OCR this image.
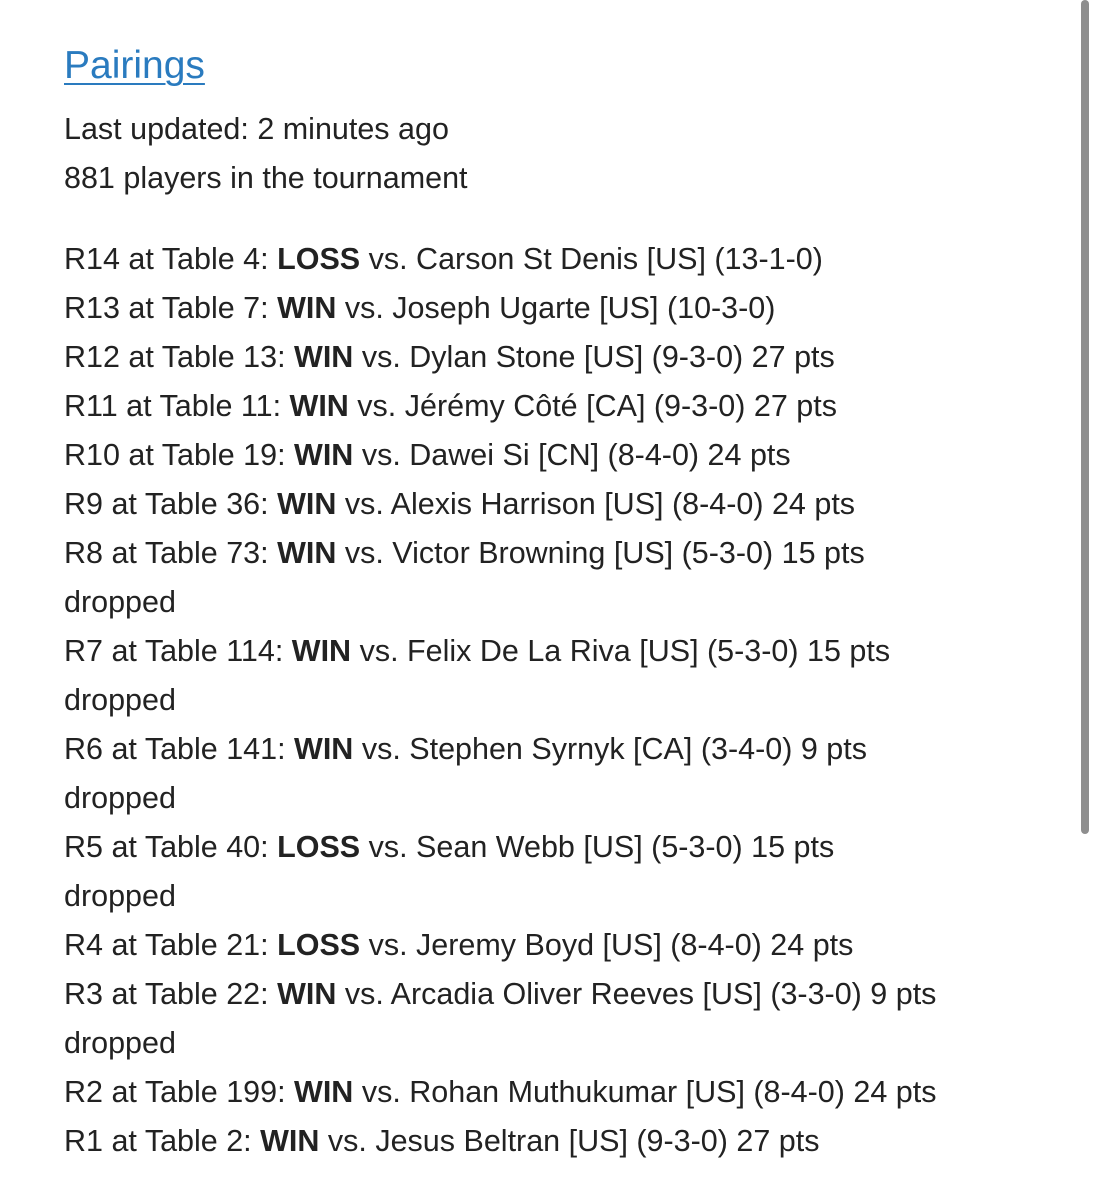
Pairings
Last updated: 2 minutes ago
881 players in the tournament
R14 at Table 4: LOSS vs. Carson St Denis [US] (13-1-0)
R13 at Table 7: WIN vs. Joseph Ugarte [US] (10-3-0)
R12 at Table 13: WIN vs. Dylan Stone [US] (9-3-0) 27 pts
R11 at Table 11: WIN vs. Jérémy Côté [CA] (9-3-0) 27 pts
R10 at Table 19: WIN vs. Dawei Si [CN] (8-4-0) 24 pts
R9 at Table 36: WIN vs. Alexis Harrison [US] (8-4-0) 24 pts
R8 at Table 73: WIN vs. Victor Browning [US] (5-3-0) 15 pts
dropped
R7 at Table 114: WIN vs. Felix De La Riva [US] (5-3-0) 15 pts
dropped
R6 at Table 141: WIN vs. Stephen Syrnyk [CA] (3-4-0) 9 pts
dropped
R5 at Table 40: LOSS vs. Sean Webb [US] (5-3-0) 15 pts
dropped
R4 at Table 21: LOSS vs. Jeremy Boyd [US] (8-4-0) 24 pts
R3 at Table 22: WIN vs. Arcadia Oliver Reeves [US] (3-3-0) 9 pts
dropped
R2 at Table 199: WIN vs. Rohan Muthukumar [US] (8-4-0) 24 pts
R1 at Table 2: WIN vs. Jesus Beltran [US] (9-3-0) 27 pts
